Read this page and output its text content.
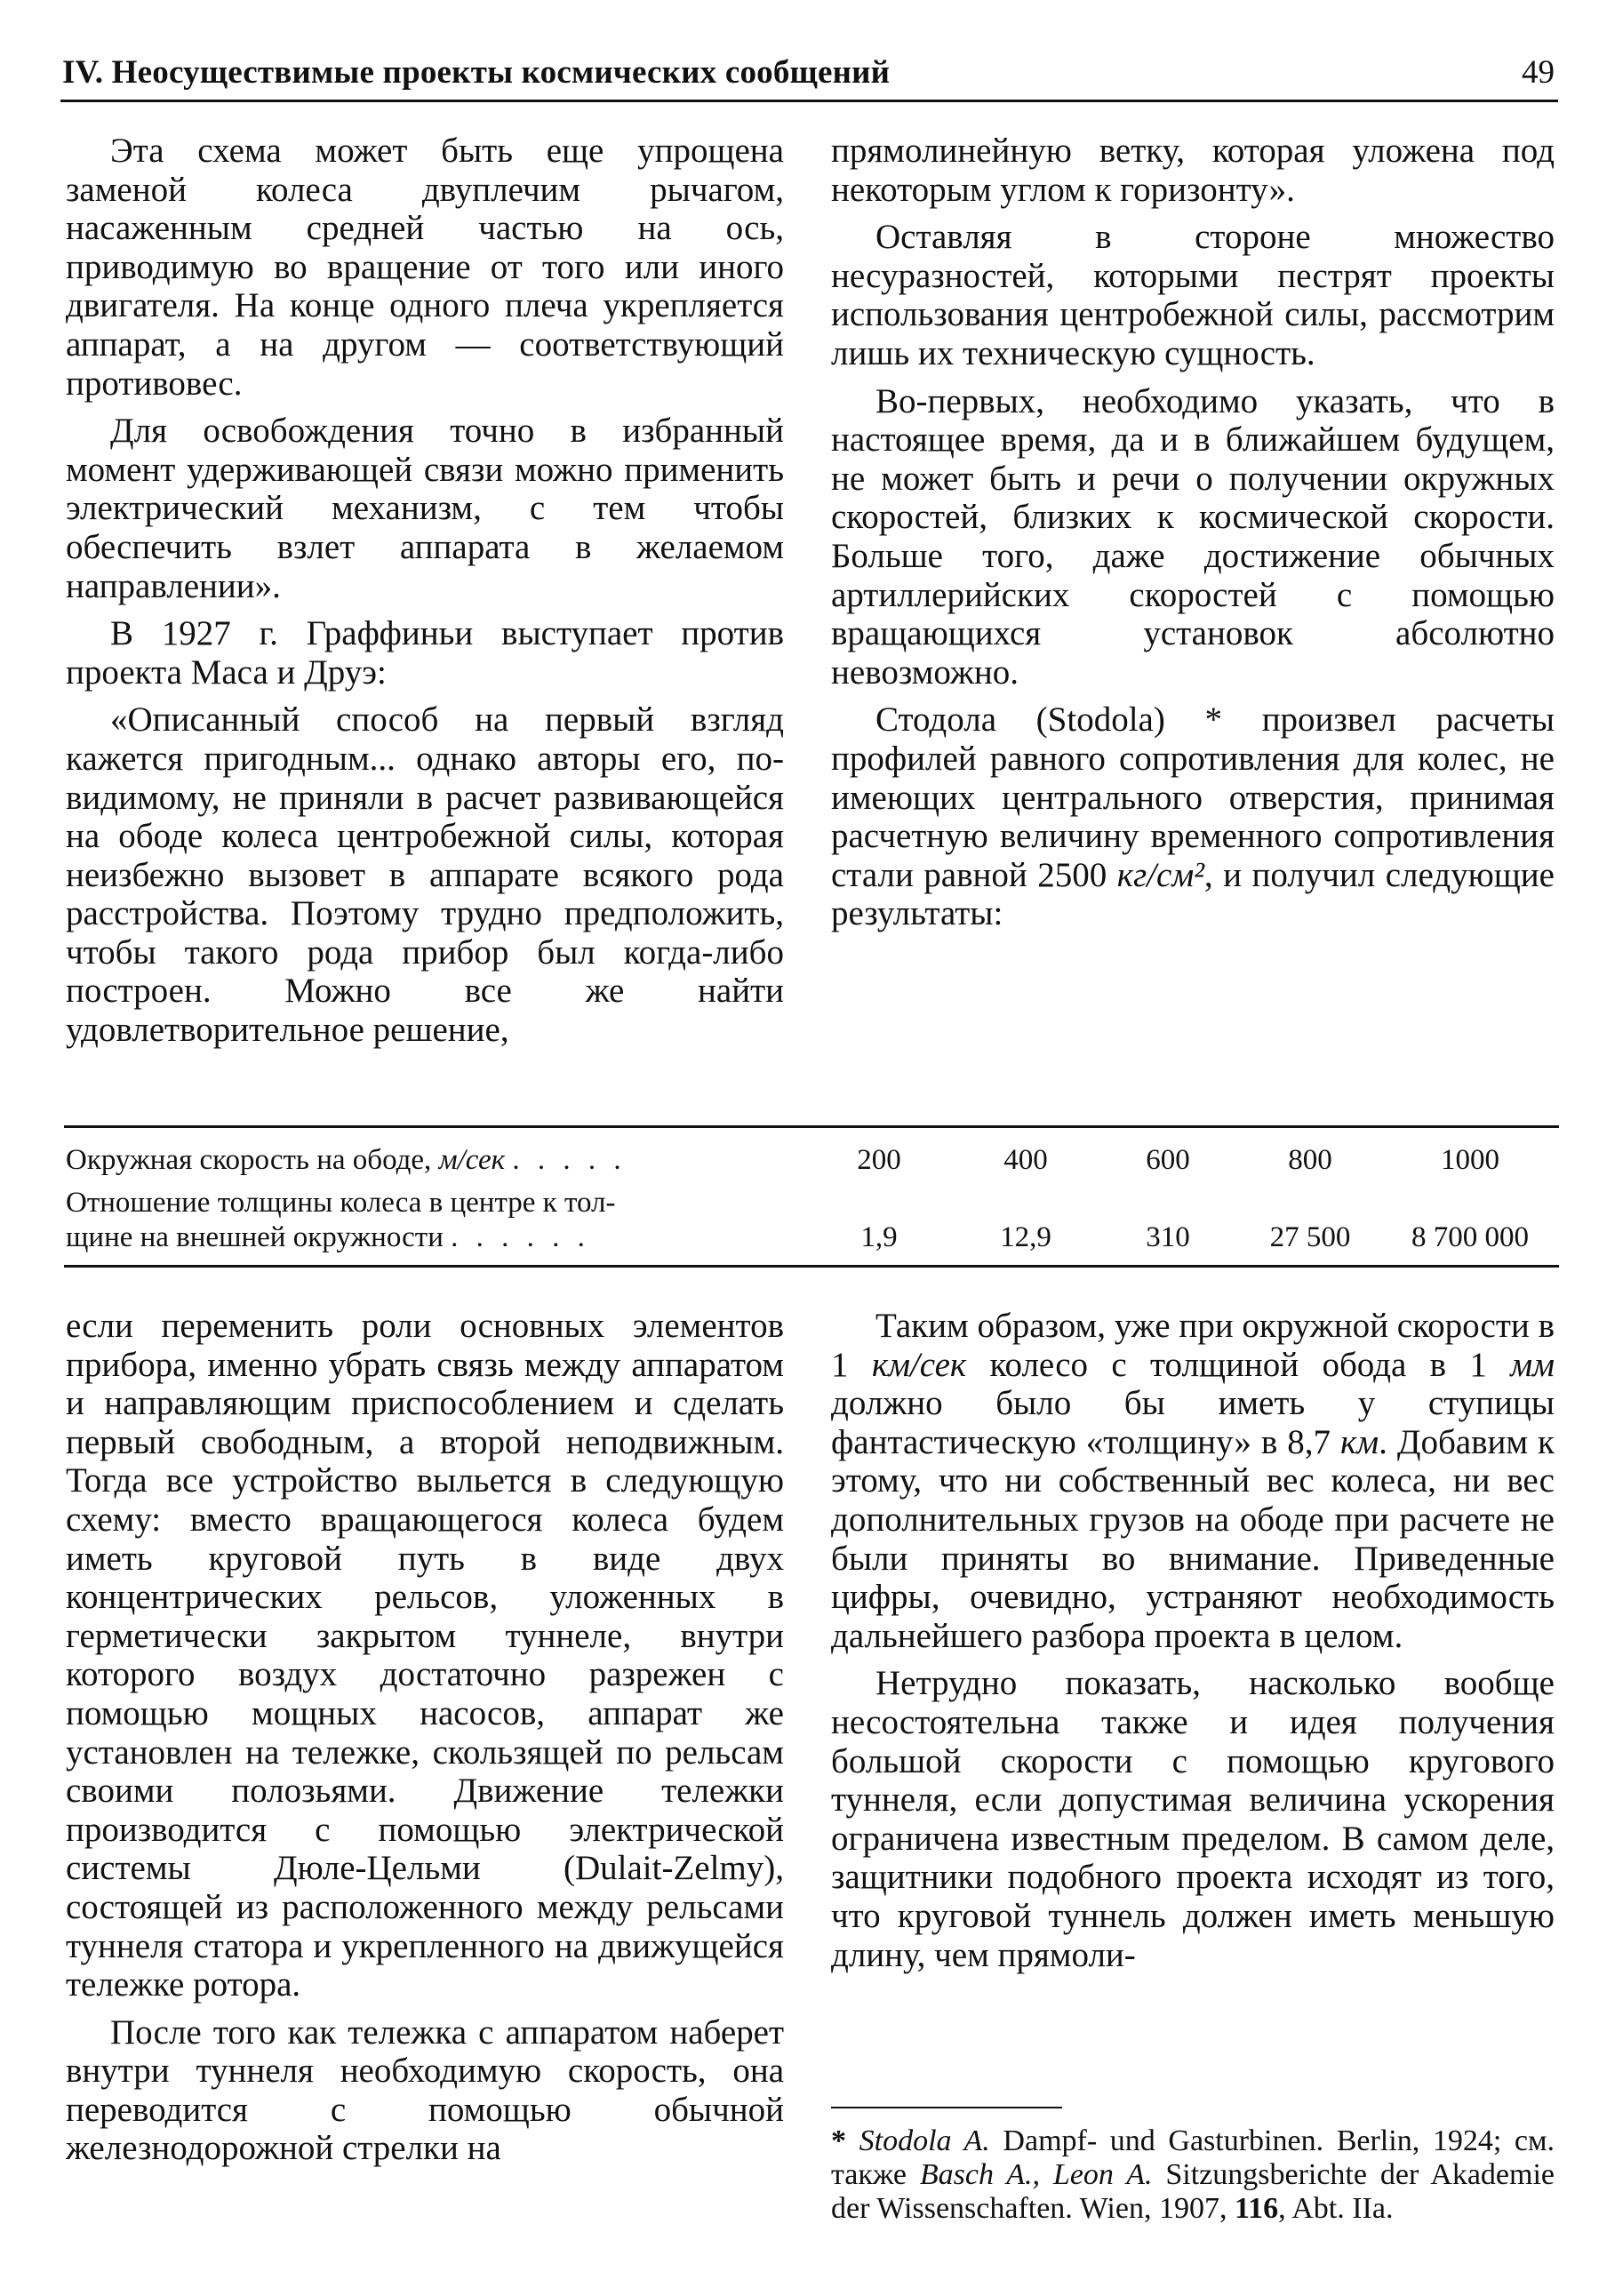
IV. Неосуществимые проекты космических сообщений	49

Эта схема может быть еще упрощена заменой колеса двуплечим рычагом, насаженным средней частью на ось, приводимую во вращение от того или иного двигателя. На конце одного плеча укрепляется аппарат, а на другом — соответствующий противовес.

Для освобождения точно в избранный момент удерживающей связи можно применить электрический механизм, с тем чтобы обеспечить взлет аппарата в желаемом направлении».

В 1927 г. Граффиньи выступает против проекта Маса и Друэ:

«Описанный способ на первый взгляд кажется пригодным... однако авторы его, по-видимому, не приняли в расчет развивающейся на ободе колеса центробежной силы, которая неизбежно вызовет в аппарате всякого рода расстройства. Поэтому трудно предположить, чтобы такого рода прибор был когда-либо построен. Можно все же найти удовлетворительное решение,

прямолинейную ветку, которая уложена под некоторым углом к горизонту».

Оставляя в стороне множество несуразностей, которыми пестрят проекты использования центробежной силы, рассмотрим лишь их техническую сущность.

Во-первых, необходимо указать, что в настоящее время, да и в ближайшем будущем, не может быть и речи о получении окружных скоростей, близких к космической скорости. Больше того, даже достижение обычных артиллерийских скоростей с помощью вращающихся установок абсолютно невозможно.

Стодола (Stodola) * произвел расчеты профилей равного сопротивления для колес, не имеющих центрального отверстия, принимая расчетную величину временного сопротивления стали равной 2500 кг/см², и получил следующие результаты:

Окружная скорость на ободе, м/сек . . . . .	200	400	600	800	1000
Отношение толщины колеса в центре к тол-
щине на внешней окружности . . . . . .	1,9	12,9	310	27 500	8 700 000

если переменить роли основных элементов прибора, именно убрать связь между аппаратом и направляющим приспособлением и сделать первый свободным, а второй неподвижным. Тогда все устройство выльется в следующую схему: вместо вращающегося колеса будем иметь круговой путь в виде двух концентрических рельсов, уложенных в герметически закрытом туннеле, внутри которого воздух достаточно разрежен с помощью мощных насосов, аппарат же установлен на тележке, скользящей по рельсам своими полозьями. Движение тележки производится с помощью электрической системы Дюле-Цельми (Dulait-Zelmy), состоящей из расположенного между рельсами туннеля статора и укрепленного на движущейся тележке ротора.

После того как тележка с аппаратом наберет внутри туннеля необходимую скорость, она переводится с помощью обычной железнодорожной стрелки на

Таким образом, уже при окружной скорости в 1 км/сек колесо с толщиной обода в 1 мм должно было бы иметь у ступицы фантастическую «толщину» в 8,7 км. Добавим к этому, что ни собственный вес колеса, ни вес дополнительных грузов на ободе при расчете не были приняты во внимание. Приведенные цифры, очевидно, устраняют необходимость дальнейшего разбора проекта в целом.

Нетрудно показать, насколько вообще несостоятельна также и идея получения большой скорости с помощью кругового туннеля, если допустимая величина ускорения ограничена известным пределом. В самом деле, защитники подобного проекта исходят из того, что круговой туннель должен иметь меньшую длину, чем прямоли-

* Stodola A. Dampf- und Gasturbinen. Berlin, 1924; см. также Basch A., Leon A. Sitzungsberichte der Akademie der Wissenschaften. Wien, 1907, 116, Abt. IIa.
